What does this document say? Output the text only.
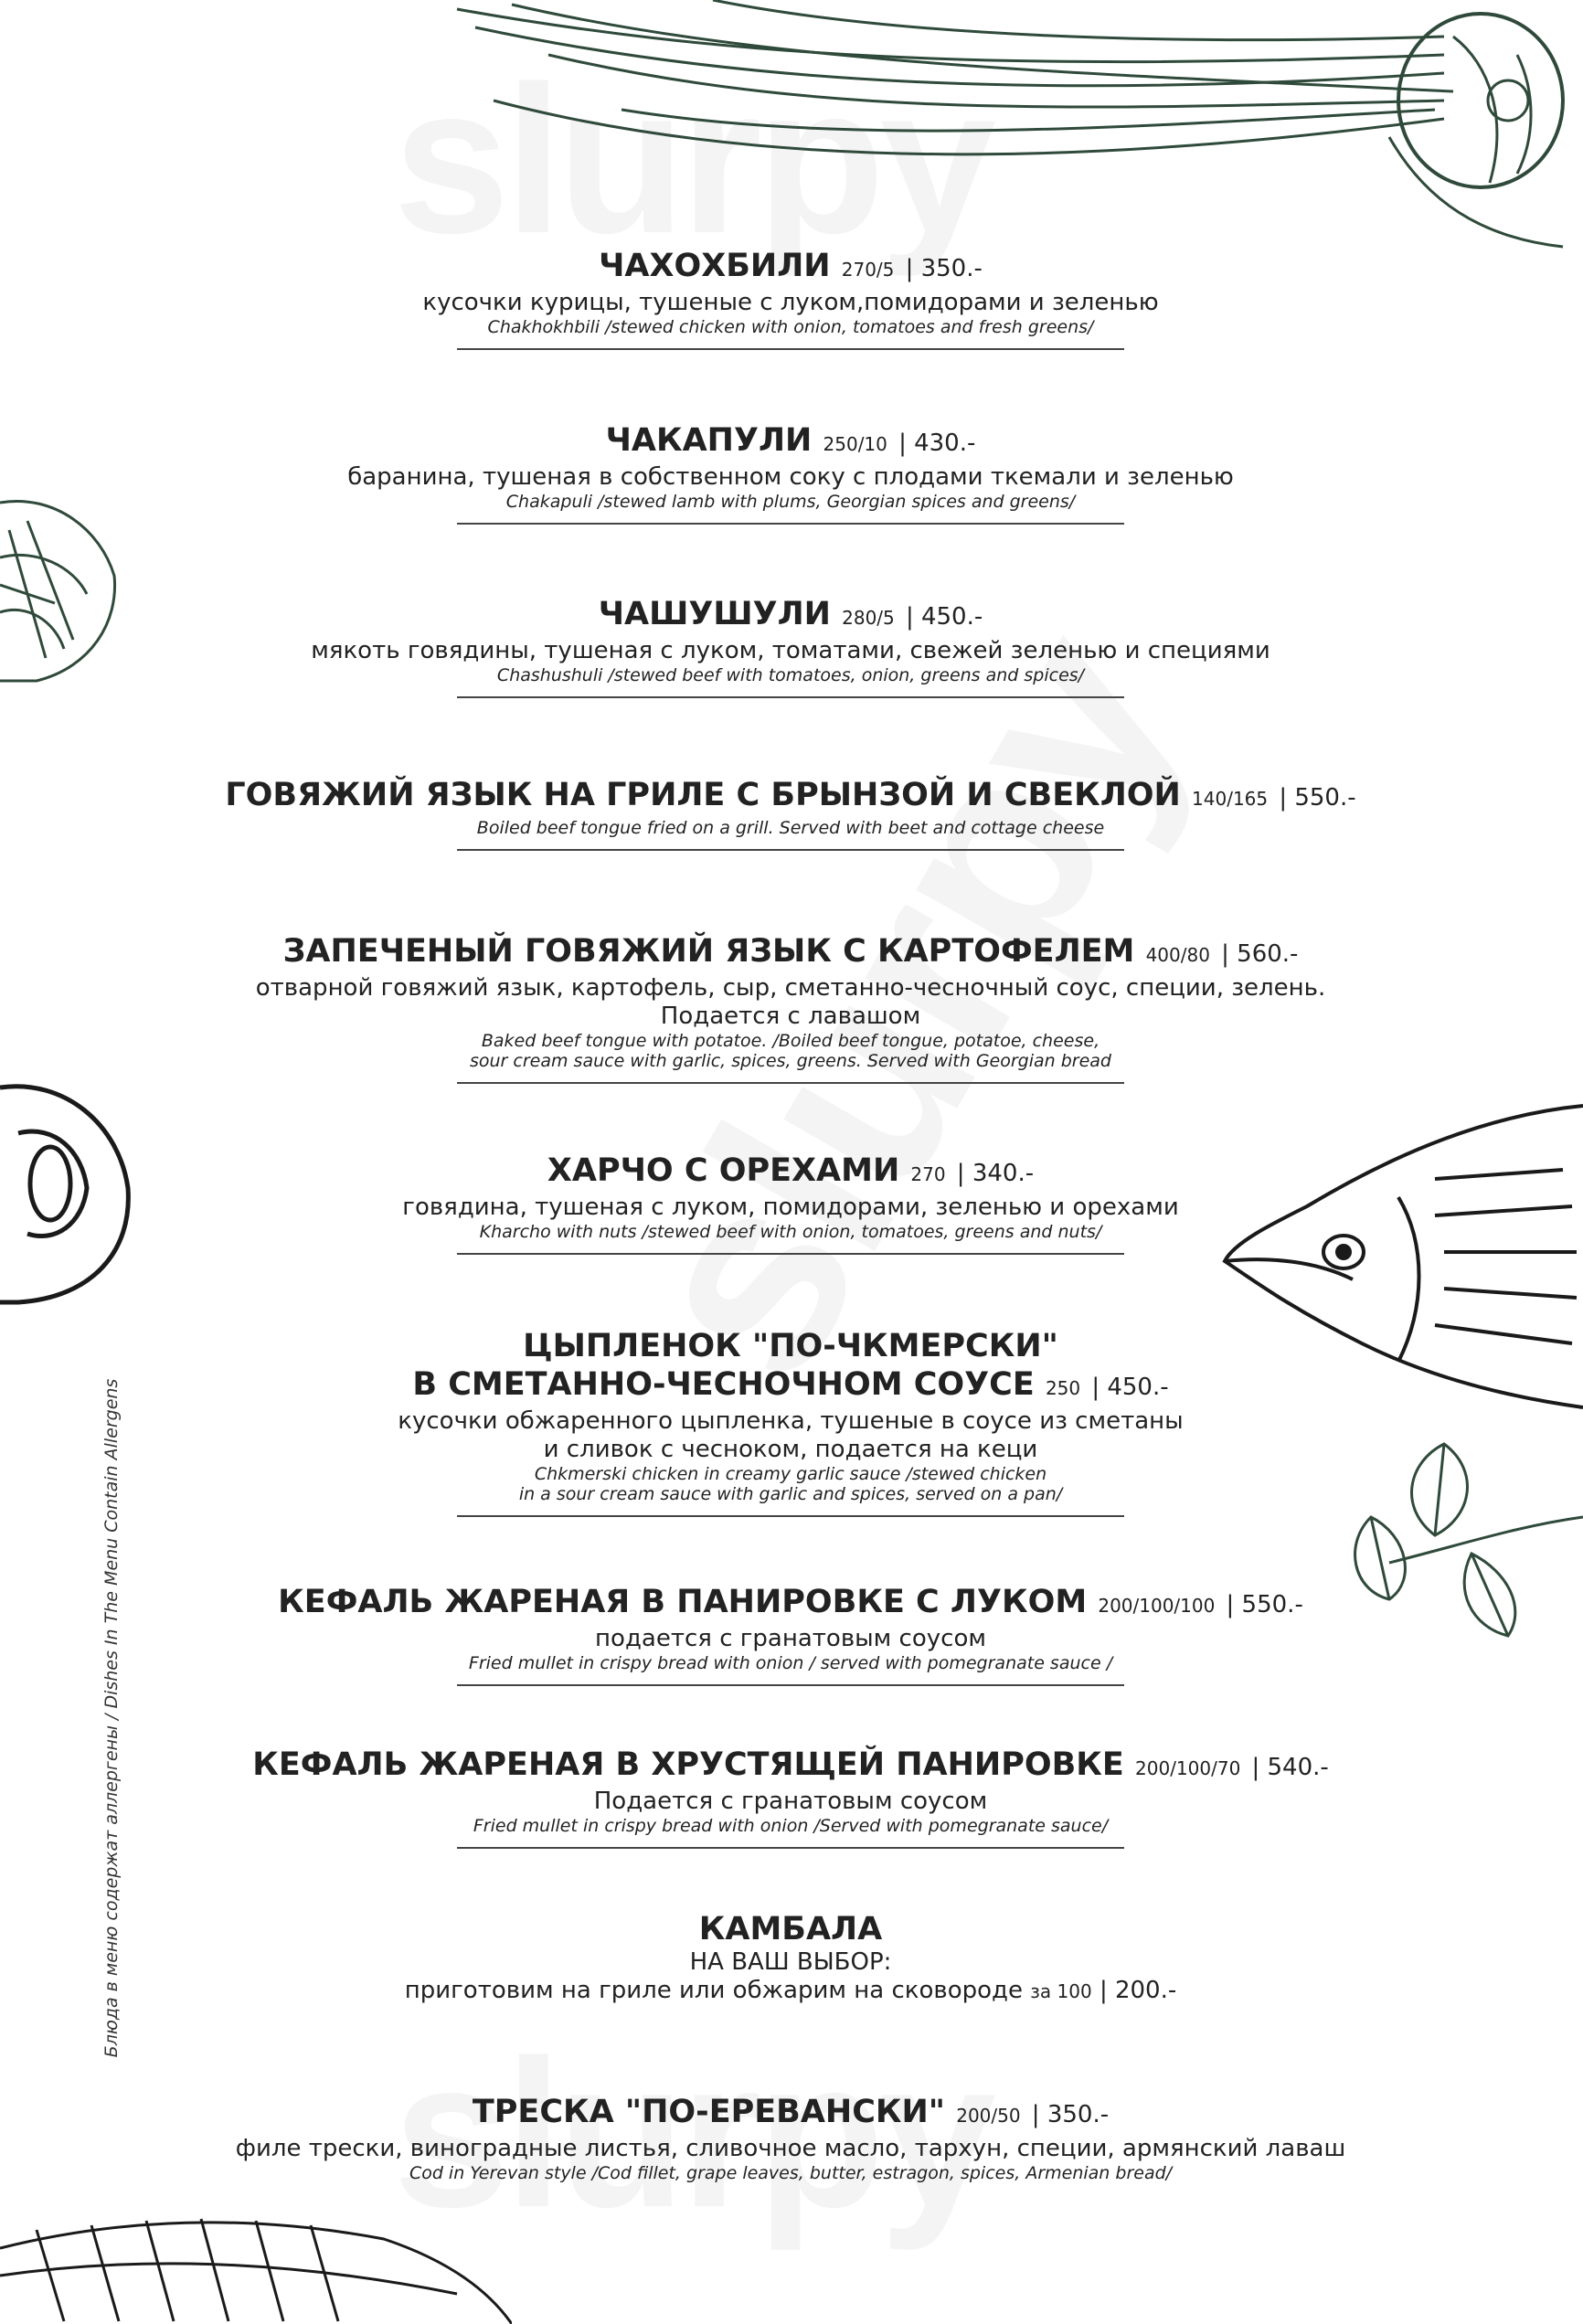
Блюда в меню содержат аллергены / Dishes In The Menu Contain Allergens
ЧАХОХБИЛИ 270/5 | 350.-
кусочки курицы, тушеные с луком,помидорами и зеленью
Chakhokhbili /stewed chicken with onion, tomatoes and fresh greens/
ЧАКАПУЛИ 250/10 | 430.-
баранина, тушеная в собственном соку с плодами ткемали и зеленью
Chakapuli /stewed lamb with plums, Georgian spices and greens/
ЧАШУШУЛИ 280/5 | 450.-
мякоть говядины, тушеная с луком, томатами, свежей зеленью и специями
Chashushuli /stewed beef with tomatoes, onion, greens and spices/
ГОВЯЖИЙ ЯЗЫК НА ГРИЛЕ С БРЫНЗОЙ И СВЕКЛОЙ 140/165 | 550.-
Boiled beef tongue fried on a grill. Served with beet and cottage cheese
ЗАПЕЧЕНЫЙ ГОВЯЖИЙ ЯЗЫК С КАРТОФЕЛЕМ 400/80 | 560.-
отварной говяжий язык, картофель, сыр, сметанно-чесночный соус, специи, зелень.
Подается с лавашом
Baked beef tongue with potatoe. /Boiled beef tongue, potatoe, cheese,
sour cream sauce with garlic, spices, greens. Served with Georgian bread
ХАРЧО С ОРЕХАМИ 270 | 340.-
говядина, тушеная с луком, помидорами, зеленью и орехами
Kharcho with nuts /stewed beef with onion, tomatoes, greens and nuts/
ЦЫПЛЕНОК "ПО-ЧКМЕРСКИ"
В СМЕТАННО-ЧЕСНОЧНОМ СОУСЕ 250 | 450.-
кусочки обжаренного цыпленка, тушеные в соусе из сметаны
и сливок с чесноком, подается на кеци
Chkmerski chicken in creamy garlic sauce /stewed chicken
in a sour cream sauce with garlic and spices, served on a pan/
КЕФАЛЬ ЖАРЕНАЯ В ПАНИРОВКЕ С ЛУКОМ 200/100/100 | 550.-
подается с гранатовым соусом
Fried mullet in crispy bread with onion / served with pomegranate sauce /
КЕФАЛЬ ЖАРЕНАЯ В ХРУСТЯЩЕЙ ПАНИРОВКЕ 200/100/70 | 540.-
Подается с гранатовым соусом
Fried mullet in crispy bread with onion /Served with pomegranate sauce/
КАМБАЛА
НА ВАШ ВЫБОР:
приготовим на гриле или обжарим на сковороде за 100 | 200.-
ТРЕСКА "ПО-ЕРЕВАНСКИ" 200/50 | 350.-
филе трески, виноградные листья, сливочное масло, тархун, специи, армянский лаваш
Cod in Yerevan style /Cod fillet, grape leaves, butter, estragon, spices, Armenian bread/
